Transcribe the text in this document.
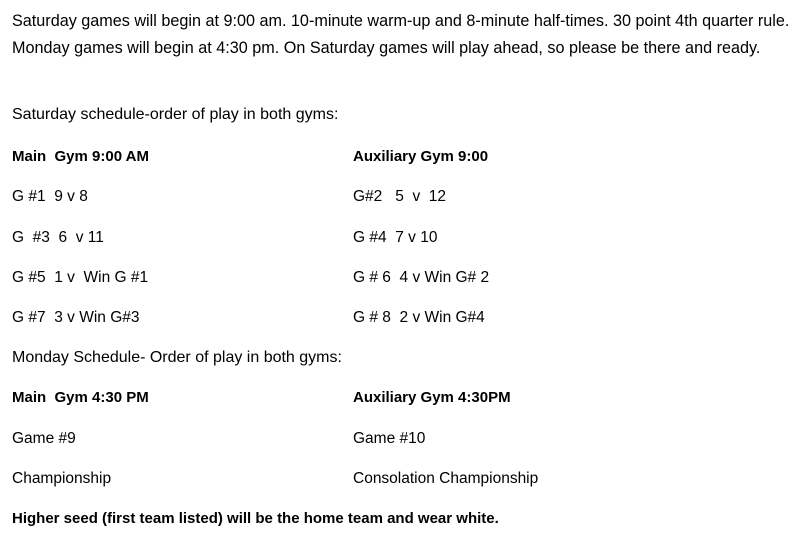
Saturday games will begin at 9:00 am. 10-minute warm-up and 8-minute half-times. 30 point 4th quarter rule. Monday games will begin at 4:30 pm. On Saturday games will play ahead, so please be there and ready.
Saturday schedule-order of play in both gyms:
Main  Gym 9:00 AM	Auxiliary Gym 9:00
G #1  9 v 8	G#2   5  v  12
G  #3  6  v 11	G #4  7 v 10
G #5  1 v  Win G #1	G # 6  4 v Win G# 2
G #7  3 v Win G#3	G # 8  2 v Win G#4
Monday Schedule- Order of play in both gyms:
Main  Gym 4:30 PM	Auxiliary Gym 4:30PM
Game #9	Game #10
Championship	Consolation Championship
Higher seed (first team listed) will be the home team and wear white.
